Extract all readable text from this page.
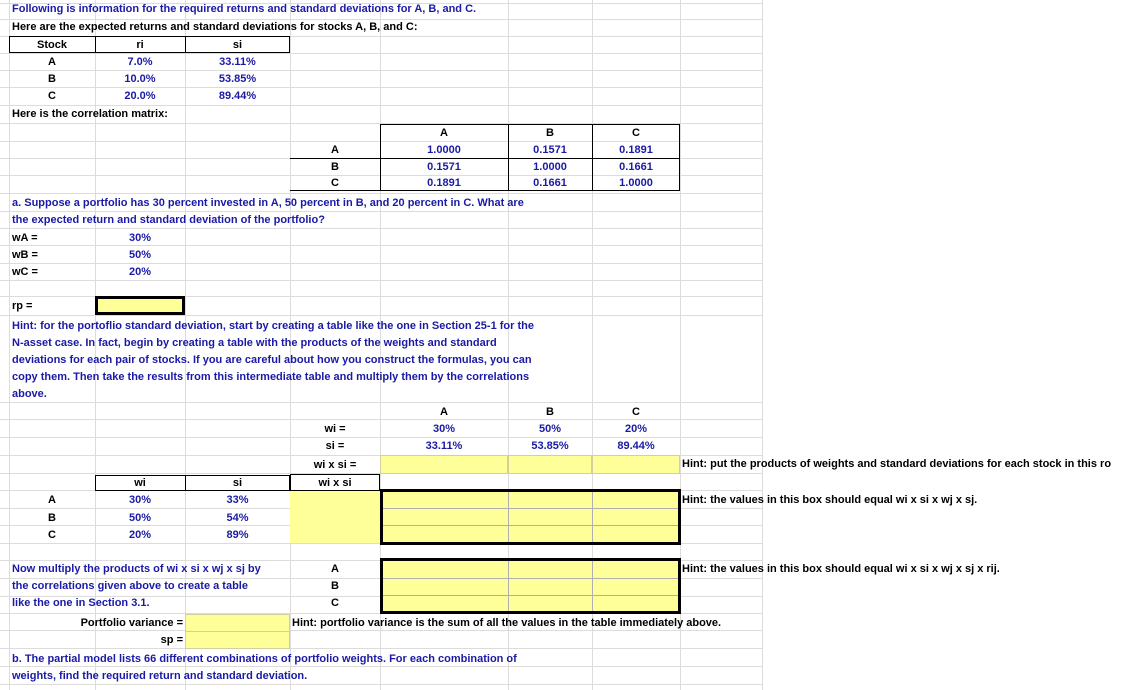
Following is information for the required returns and standard deviations for A, B, and C.
Here are the expected returns and standard deviations for stocks A, B, and C:
Stock	ri	si
A	7.0%	33.11%
B	10.0%	53.85%
C	20.0%	89.44%
Here is the correlation matrix:
A	B	C
A	1.0000	0.1571	0.1891
B	0.1571	1.0000	0.1661
C	0.1891	0.1661	1.0000
a. Suppose a portfolio has 30 percent invested in A, 50 percent in B, and 20 percent in C. What are
the expected return and standard deviation of the portfolio?
wA =	30%
wB =	50%
wC =	20%
rp =
Hint: for the portoflio standard deviation, start by creating a table like the one in Section 25-1 for the
N-asset case. In fact, begin by creating a table with the products of the weights and standard
deviations for each pair of stocks. If you are careful about how you construct the formulas, you can
copy them. Then take the results from this intermediate table and multiply them by the correlations
above.
A	B	C
wi =	30%	50%	20%
si =	33.11%	53.85%	89.44%
wi x si =	Hint: put the products of weights and standard deviations for each stock in this ro
wi	si
A	30%	33%
B	50%	54%
C	20%	89%
wi x si
Hint: the values in this box should equal wi x si x wj x sj.
Now multiply the products of wi x si x wj x sj by
the correlations given above to create a table
like the one in Section 3.1.
A
B
C
Hint: the values in this box should equal wi x si x wj x sj x rij.
Portfolio variance =	Hint: portfolio variance is the sum of all the values in the table immediately above.
sp =
b. The partial model lists 66 different combinations of portfolio weights. For each combination of
weights, find the required return and standard deviation.
